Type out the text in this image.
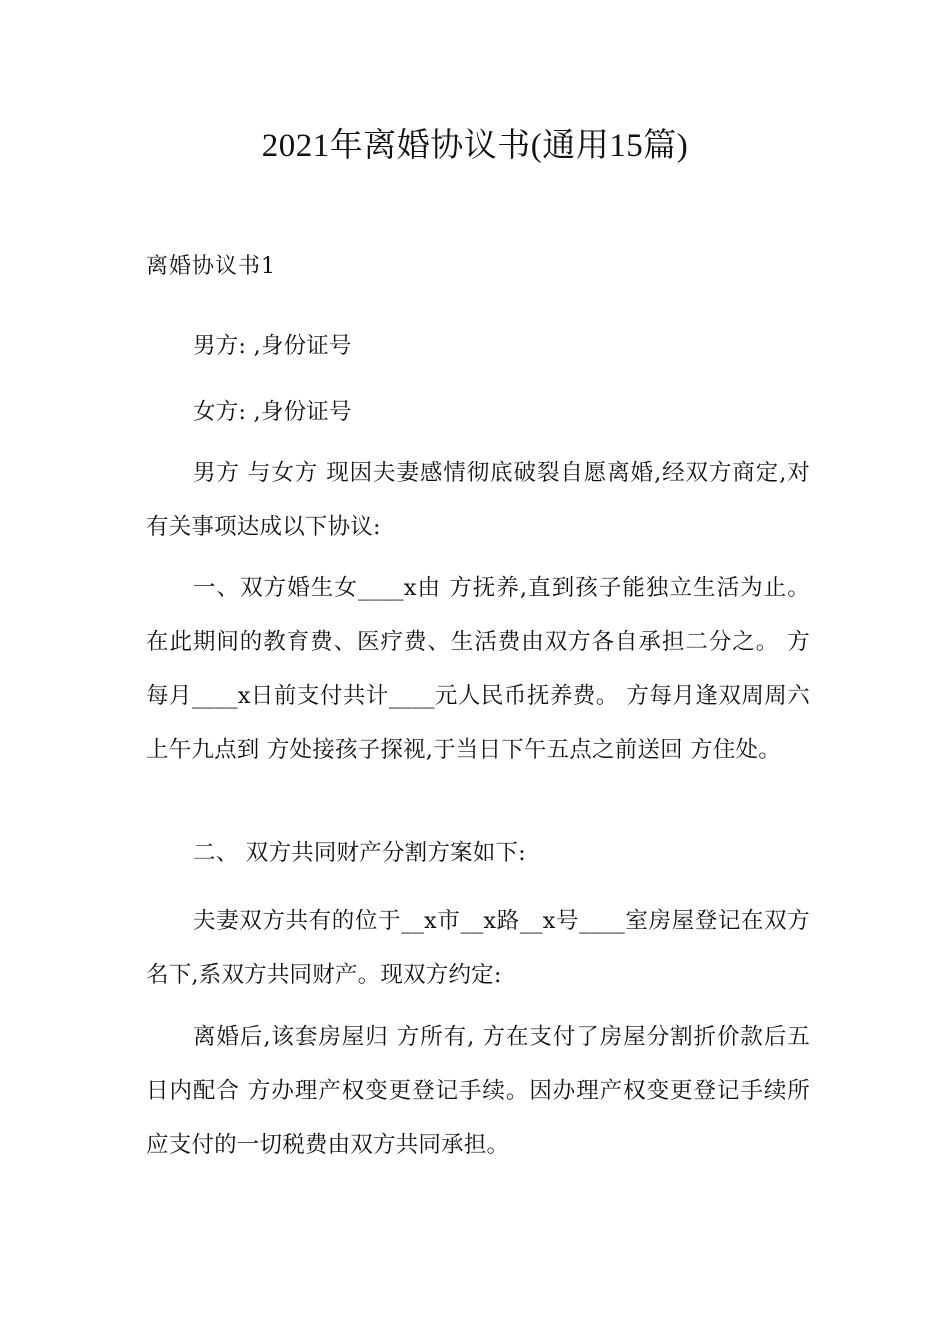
2021年离婚协议书(通用15篇)
离婚协议书1

男方: ,身份证号

女方: ,身份证号

男方 与女方 现因夫妻感情彻底破裂自愿离婚,经双方商定,对有关事项达成以下协议:

一、双方婚生女____x由 方抚养,直到孩子能独立生活为止。在此期间的教育费、医疗费、生活费由双方各自承担二分之。 方每月____x日前支付共计____元人民币抚养费。 方每月逢双周周六上午九点到 方处接孩子探视,于当日下午五点之前送回 方住处。

二、 双方共同财产分割方案如下:

夫妻双方共有的位于__x市__x路__x号____室房屋登记在双方名下,系双方共同财产。现双方约定:

离婚后,该套房屋归 方所有, 方在支付了房屋分割折价款后五日内配合 方办理产权变更登记手续。因办理产权变更登记手续所应支付的一切税费由双方共同承担。
